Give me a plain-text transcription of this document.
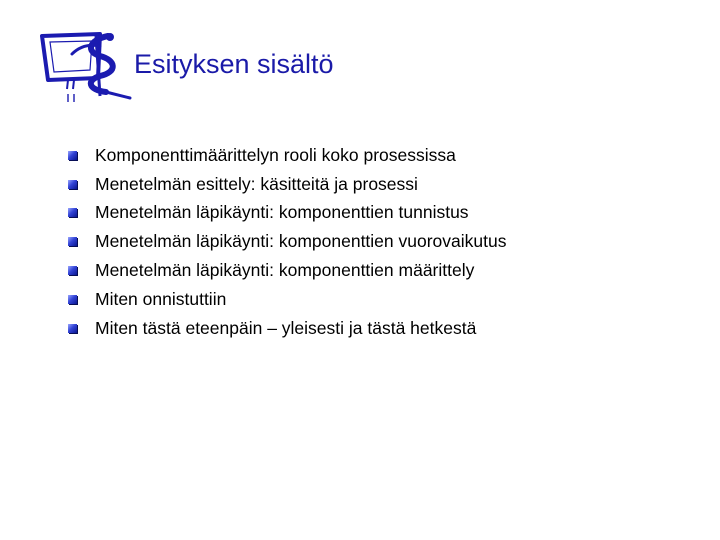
Esityksen sisältö
Komponenttimäärittelyn rooli koko prosessissa
Menetelmän esittely: käsitteitä ja prosessi
Menetelmän läpikäynti: komponenttien tunnistus
Menetelmän läpikäynti: komponenttien vuorovaikutus
Menetelmän läpikäynti: komponenttien määrittely
Miten onnistuttiin
Miten tästä eteenpäin – yleisesti ja tästä hetkestä
